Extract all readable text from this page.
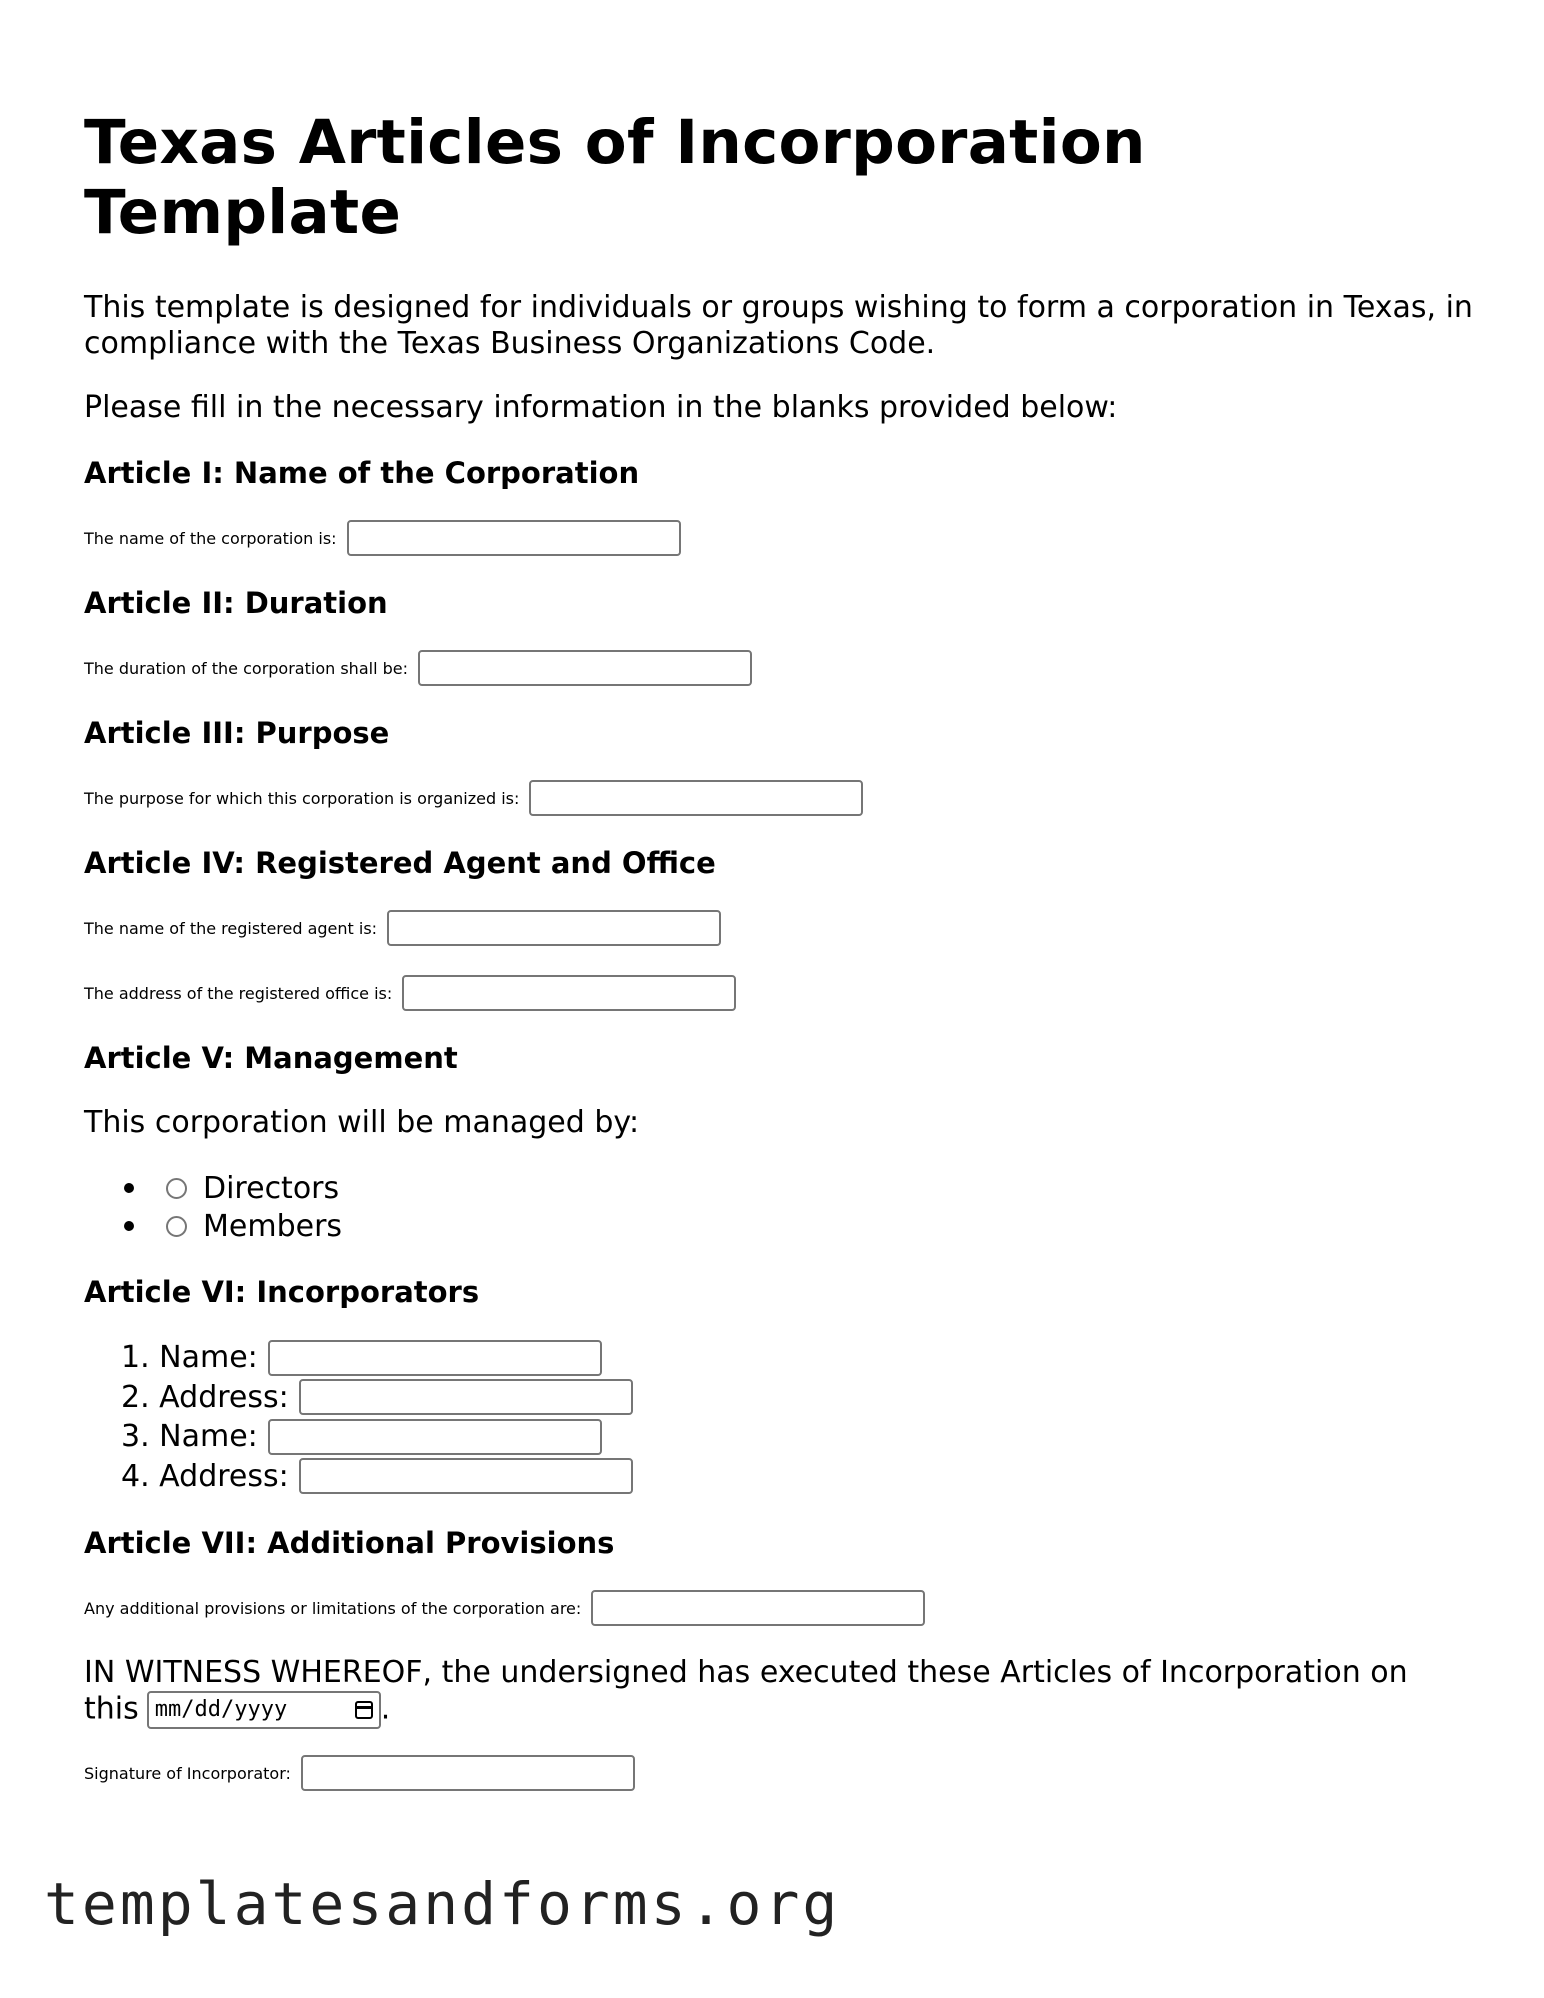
Texas Articles of Incorporation Template

This template is designed for individuals or groups wishing to form a corporation in Texas, in compliance with the Texas Business Organizations Code.

Please fill in the necessary information in the blanks provided below:

Article I: Name of the Corporation
The name of the corporation is:
Article II: Duration
The duration of the corporation shall be:
Article III: Purpose
The purpose for which this corporation is organized is:
Article IV: Registered Agent and Office
The name of the registered agent is:
The address of the registered office is:
Article V: Management

This corporation will be managed by:

Directors
Members
Article VI: Incorporators
1. Name:
2. Address:
3. Name:
4. Address:
Article VII: Additional Provisions
Any additional provisions or limitations of the corporation are:

IN WITNESS WHEREOF, the undersigned has executed these Articles of Incorporation on
this mm/dd/yyyy	.

Signature of Incorporator:
templatesandforms.org
